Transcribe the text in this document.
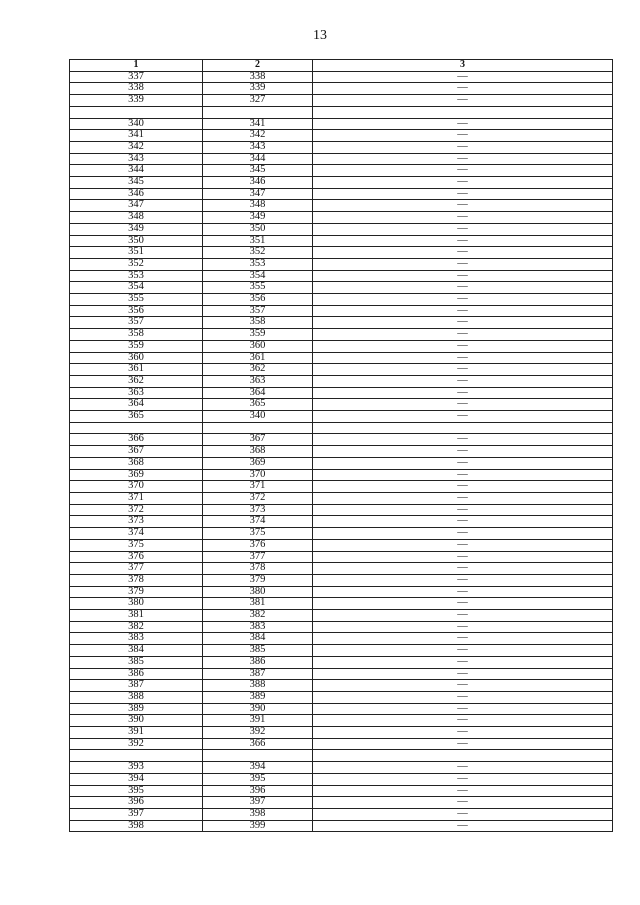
13
1	2	3
337	338	—
338	339	—
339	327	—

340	341	—
341	342	—
342	343	—
343	344	—
344	345	—
345	346	—
346	347	—
347	348	—
348	349	—
349	350	—
350	351	—
351	352	—
352	353	—
353	354	—
354	355	—
355	356	—
356	357	—
357	358	—
358	359	—
359	360	—
360	361	—
361	362	—
362	363	—
363	364	—
364	365	—
365	340	—

366	367	—
367	368	—
368	369	—
369	370	—
370	371	—
371	372	—
372	373	—
373	374	—
374	375	—
375	376	—
376	377	—
377	378	—
378	379	—
379	380	—
380	381	—
381	382	—
382	383	—
383	384	—
384	385	—
385	386	—
386	387	—
387	388	—
388	389	—
389	390	—
390	391	—
391	392	—
392	366	—

393	394	—
394	395	—
395	396	—
396	397	—
397	398	—
398	399	—
